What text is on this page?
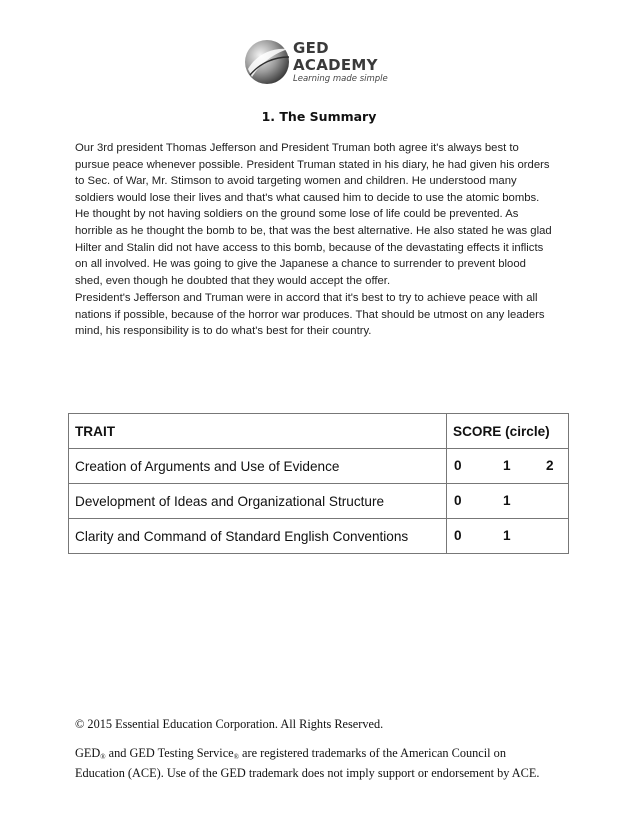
GED
ACADEMY
Learning made simple
1. The Summary
Our 3rd president Thomas Jefferson and President Truman both agree it's always best to
pursue peace whenever possible. President Truman stated in his diary, he had given his orders
to Sec. of War, Mr. Stimson to avoid targeting women and children. He understood many
soldiers would lose their lives and that's what caused him to decide to use the atomic bombs.
He thought by not having soldiers on the ground some lose of life could be prevented. As
horrible as he thought the bomb to be, that was the best alternative. He also stated he was glad
Hilter and Stalin did not have access to this bomb, because of the devastating effects it inflicts
on all involved. He was going to give the Japanese a chance to surrender to prevent blood
shed, even though he doubted that they would accept the offer.
President's Jefferson and Truman were in accord that it's best to try to achieve peace with all
nations if possible, because of the horror war produces. That should be utmost on any leaders
mind, his responsibility is to do what's best for their country.
TRAIT	SCORE (circle)
Creation of Arguments and Use of Evidence	0 1 2

Development of Ideas and Organizational Structure	0 1

Clarity and Command of Standard English Conventions	0 1
© 2015 Essential Education Corporation. All Rights Reserved.
$GED_®$ and GED Testing Service$_®$ are registered trademarks of the American Council on
Education (ACE). Use of the GED trademark does not imply support or endorsement by ACE.
